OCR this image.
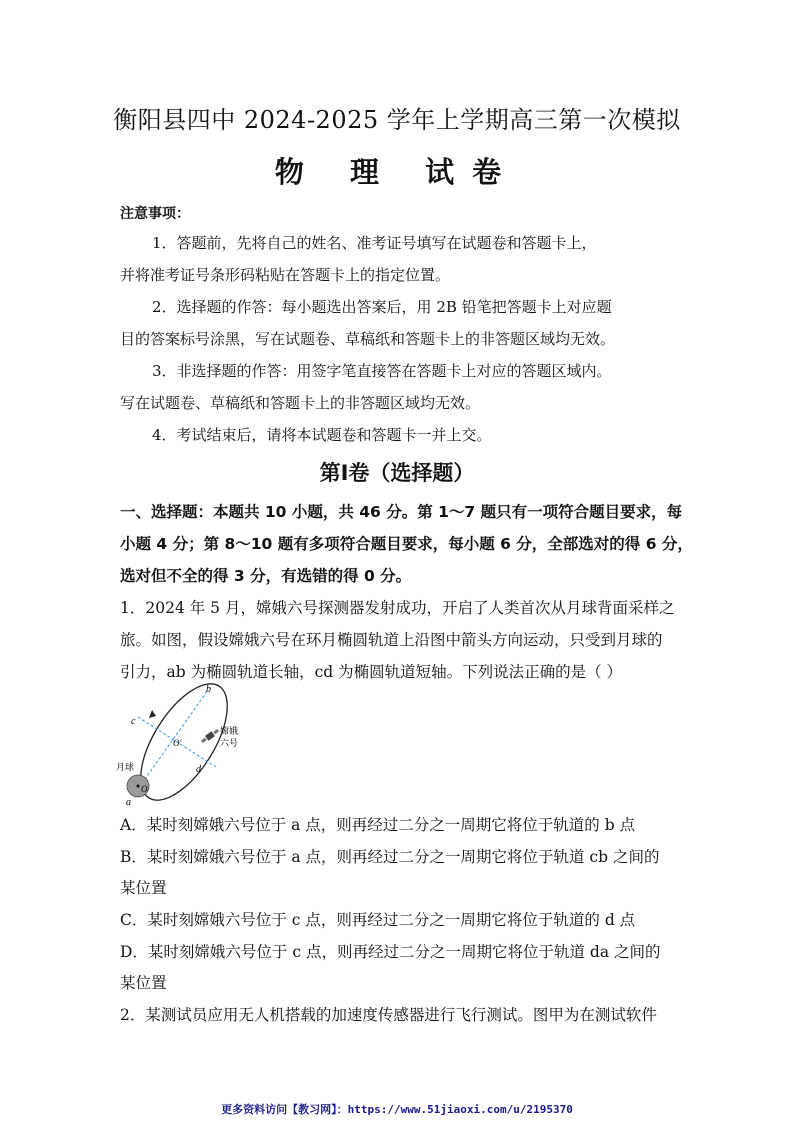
衡阳县四中 2024-2025 学年上学期高三第一次模拟
物 理 试卷
注意事项：
1．答题前，先将自己的姓名、准考证号填写在试题卷和答题卡上，
并将准考证号条形码粘贴在答题卡上的指定位置。
2．选择题的作答：每小题选出答案后，用 2B 铅笔把答题卡上对应题
目的答案标号涂黑，写在试题卷、草稿纸和答题卡上的非答题区域均无效。
3．非选择题的作答：用签字笔直接答在答题卡上对应的答题区域内。
写在试题卷、草稿纸和答题卡上的非答题区域均无效。
4．考试结束后，请将本试题卷和答题卡一并上交。
第Ⅰ卷（选择题）
一、选择题：本题共 10 小题，共 46 分。第 1～7 题只有一项符合题目要求，每
小题 4 分；第 8～10 题有多项符合题目要求，每小题 6 分，全部选对的得 6 分，
选对但不全的得 3 分，有选错的得 0 分。
1．2024 年 5 月，嫦娥六号探测器发射成功，开启了人类首次从月球背面采样之
旅。如图，假设嫦娥六号在环月椭圆轨道上沿图中箭头方向运动，只受到月球的
引力，ab 为椭圆轨道长轴，cd 为椭圆轨道短轴。下列说法正确的是（ ）
a
b
c
d
O′
O
月球
嫦娥
六号
A．某时刻嫦娥六号位于 a 点，则再经过二分之一周期它将位于轨道的 b 点
B．某时刻嫦娥六号位于 a 点，则再经过二分之一周期它将位于轨道 cb 之间的
某位置
C．某时刻嫦娥六号位于 c 点，则再经过二分之一周期它将位于轨道的 d 点
D．某时刻嫦娥六号位于 c 点，则再经过二分之一周期它将位于轨道 da 之间的
某位置
2．某测试员应用无人机搭载的加速度传感器进行飞行测试。图甲为在测试软件
更多资料访问【教习网】：https://www.51jiaoxi.com/u/2195370
